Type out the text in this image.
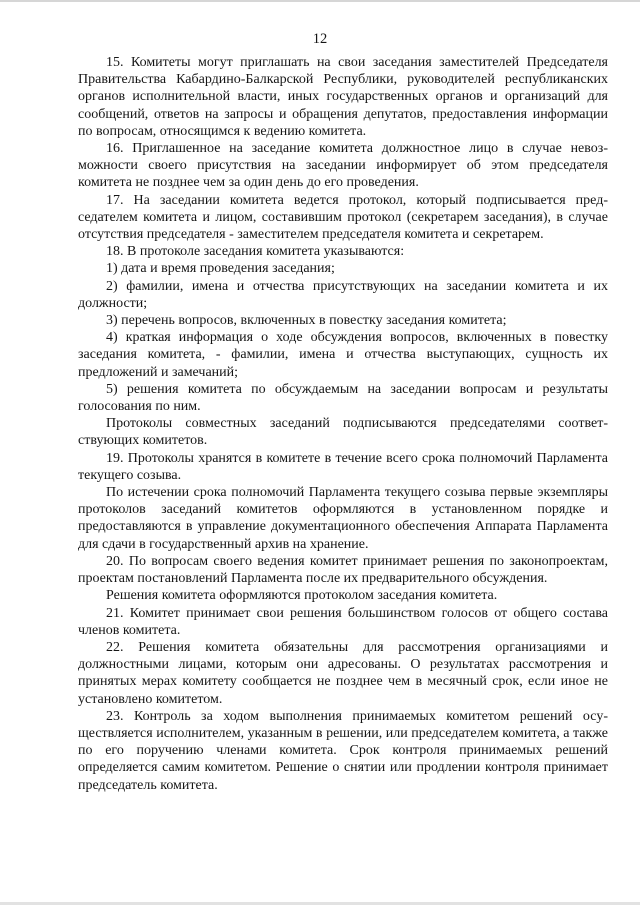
12

15. Комитеты могут приглашать на свои заседания заместителей Председателя Правительства Кабардино-Балкарской Республики, руководителей республиканских органов исполнительной власти, иных государственных органов и организаций для сообщений, ответов на запросы и обращения депутатов, предоставления информации по вопросам, относящимся к ведению комитета.

16. Приглашенное на заседание комитета должностное лицо в случае невозможности своего присутствия на заседании информирует об этом председателя комитета не позднее чем за один день до его проведения.

17. На заседании комитета ведется протокол, который подписывается председателем комитета и лицом, составившим протокол (секретарем заседания), в случае отсутствия председателя - заместителем председателя комитета и секретарем.

18. В протоколе заседания комитета указываются:

1) дата и время проведения заседания;

2) фамилии, имена и отчества присутствующих на заседании комитета и их должности;

3) перечень вопросов, включенных в повестку заседания комитета;

4) краткая информация о ходе обсуждения вопросов, включенных в повестку заседания комитета, - фамилии, имена и отчества выступающих, сущность их предложений и замечаний;

5) решения комитета по обсуждаемым на заседании вопросам и результаты голосования по ним.

Протоколы совместных заседаний подписываются председателями соответствующих комитетов.

19. Протоколы хранятся в комитете в течение всего срока полномочий Парламента текущего созыва.

По истечении срока полномочий Парламента текущего созыва первые экземпляры протоколов заседаний комитетов оформляются в установленном порядке и предоставляются в управление документационного обеспечения Аппарата Парламента для сдачи в государственный архив на хранение.

20. По вопросам своего ведения комитет принимает решения по законопроектам, проектам постановлений Парламента после их предварительного обсуждения.

Решения комитета оформляются протоколом заседания комитета.

21. Комитет принимает свои решения большинством голосов от общего состава членов комитета.

22. Решения комитета обязательны для рассмотрения организациями и должностными лицами, которым они адресованы. О результатах рассмотрения и принятых мерах комитету сообщается не позднее чем в месячный срок, если иное не установлено комитетом.

23. Контроль за ходом выполнения принимаемых комитетом решений осуществляется исполнителем, указанным в решении, или председателем комитета, а также по его поручению членами комитета. Срок контроля принимаемых решений определяется самим комитетом. Решение о снятии или продлении контроля принимает председатель комитета.
